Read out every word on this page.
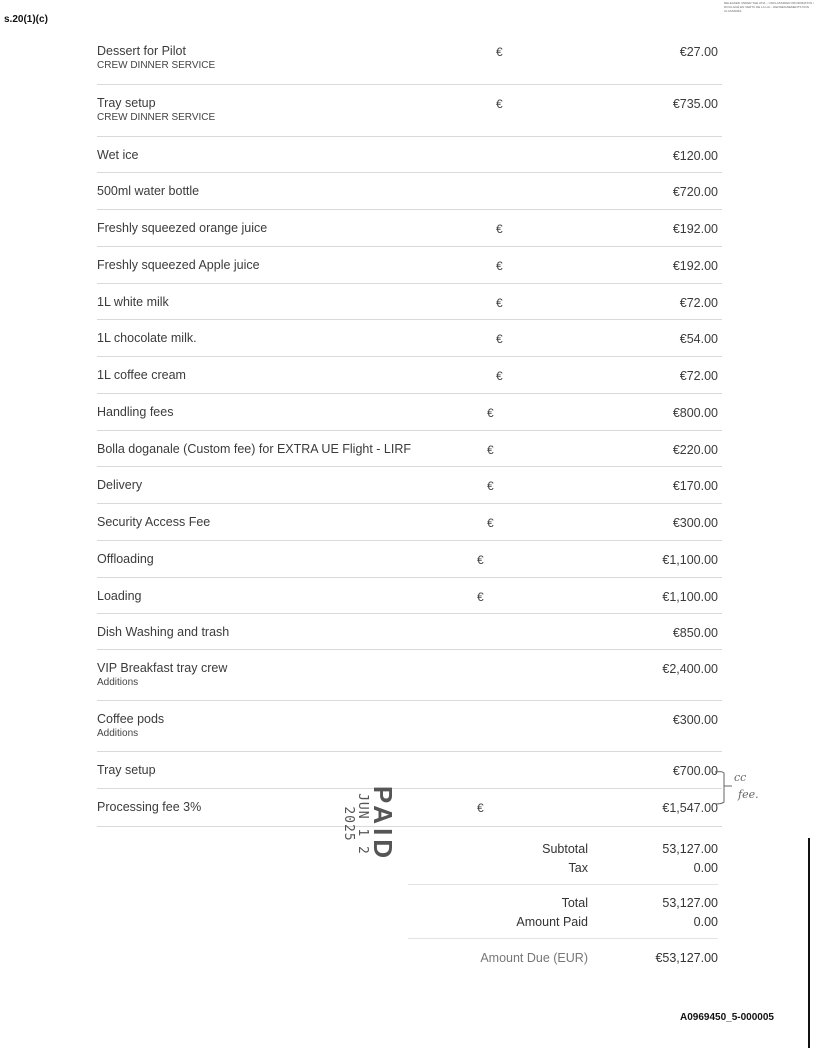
s.20(1)(c)
RELEASED UNDER THE ATIA – UNCLASSIFIED INFORMATION / DIVULGUÉ EN VERTU DE LA LAI – RENSEIGNEMENTS NON CLASSIFIÉS
Dessert for Pilot
CREW DINNER SERVICE
€	€27.00
Tray setup
CREW DINNER SERVICE
€	€735.00
Wet ice	€120.00
500ml water bottle	€720.00
Freshly squeezed orange juice	€	€192.00
Freshly squeezed Apple juice	€	€192.00
1L white milk	€	€72.00
1L chocolate milk.	€	€54.00
1L coffee cream	€	€72.00
Handling fees	€	€800.00
Bolla doganale (Custom fee) for EXTRA UE Flight - LIRF	€	€220.00
Delivery	€	€170.00
Security Access Fee	€	€300.00
Offloading	€	€1,100.00
Loading	€	€1,100.00
Dish Washing and trash	€850.00
VIP Breakfast tray crew
Additions
€2,400.00
Coffee pods
Additions
€300.00
Tray setup	€700.00
Processing fee 3%	€	€1,547.00
PAID
JUN 1 2 2025
cc
fee.
Subtotal	53,127.00
Tax	0.00
Total	53,127.00
Amount Paid	0.00
Amount Due (EUR)	€53,127.00
A0969450_5-000005
